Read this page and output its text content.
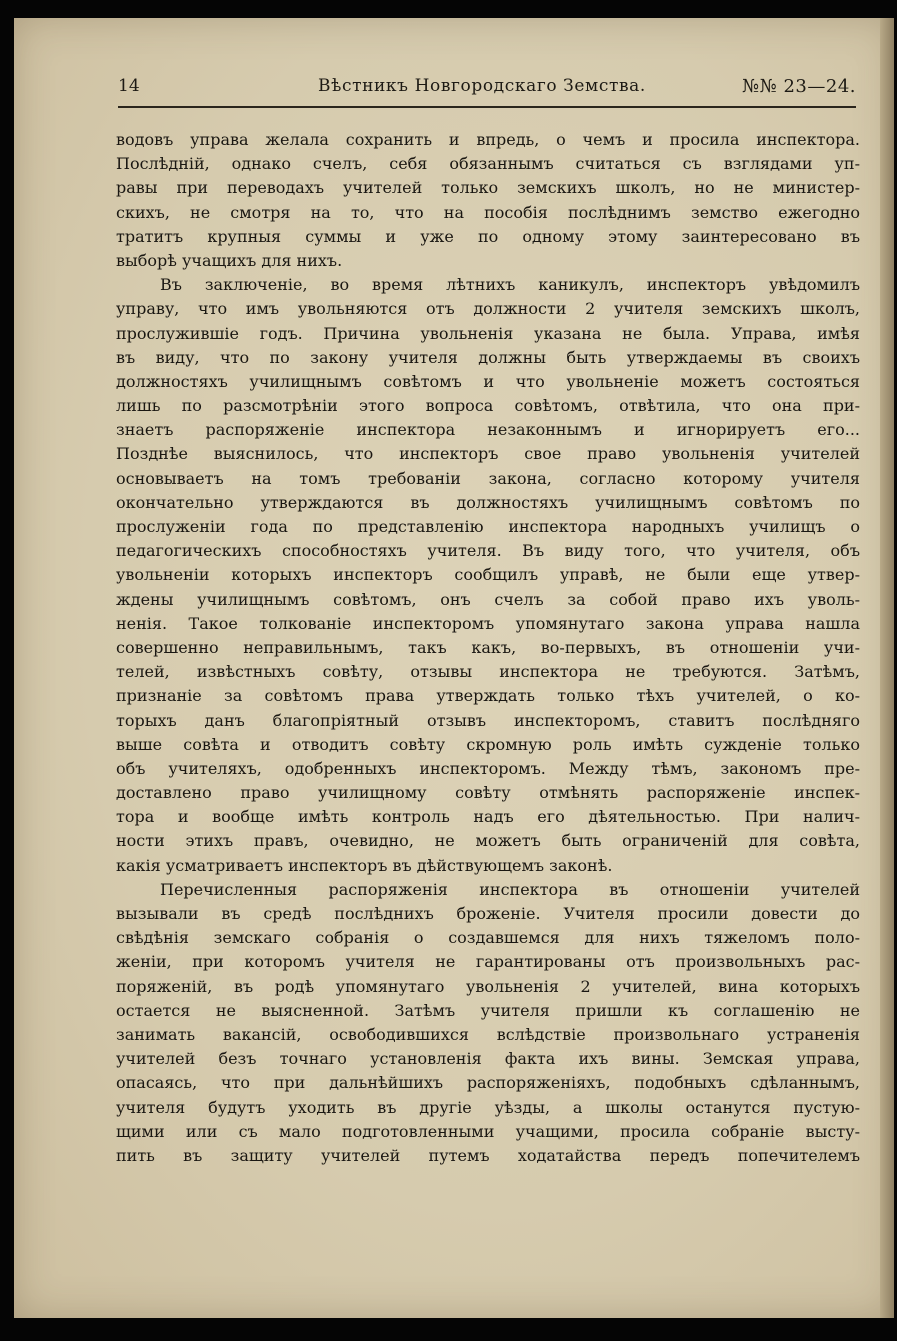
14	Вѣстникъ Новгородскаго Земства.	№№ 23—24.
водовъ управа желала сохранить и впредь, о чемъ и просила инспектора.
Послѣднiй, однако счелъ, себя обязаннымъ считаться съ взглядами уп-
равы при переводахъ учителей только земскихъ школъ, но не министер-
скихъ, не смотря на то, что на пособiя послѣднимъ земство ежегодно
тратитъ крупныя суммы и уже по одному этому заинтересовано въ
выборѣ учащихъ для нихъ.
Въ заключенiе, во время лѣтнихъ каникулъ, инспекторъ увѣдомилъ
управу, что имъ увольняются отъ должности 2 учителя земскихъ школъ,
прослужившiе годъ. Причина увольненiя указана не была. Управа, имѣя
въ виду, что по закону учителя должны быть утверждаемы въ своихъ
должностяхъ училищнымъ совѣтомъ и что увольненiе можетъ состояться
лишь по разсмотрѣнiи этого вопроса совѣтомъ, отвѣтила, что она при-
знаетъ распоряженiе инспектора незаконнымъ и игнорируетъ его...
Позднѣе выяснилось, что инспекторъ свое право увольненiя учителей
основываетъ на томъ требованiи закона, согласно которому учителя
окончательно утверждаются въ должностяхъ училищнымъ совѣтомъ по
прослуженiи года по представленiю инспектора народныхъ училищъ о
педагогическихъ способностяхъ учителя. Въ виду того, что учителя, объ
увольненiи которыхъ инспекторъ сообщилъ управѣ, не были еще утвер-
ждены училищнымъ совѣтомъ, онъ счелъ за собой право ихъ уволь-
ненiя. Такое толкованiе инспекторомъ упомянутаго закона управа нашла
совершенно неправильнымъ, такъ какъ, во-первыхъ, въ отношенiи учи-
телей, извѣстныхъ совѣту, отзывы инспектора не требуются. Затѣмъ,
признанiе за совѣтомъ права утверждать только тѣхъ учителей, о ко-
торыхъ данъ благопрiятный отзывъ инспекторомъ, ставитъ послѣдняго
выше совѣта и отводитъ совѣту скромную роль имѣть сужденiе только
объ учителяхъ, одобренныхъ инспекторомъ. Между тѣмъ, закономъ пре-
доставлено право училищному совѣту отмѣнять распоряженiе инспек-
тора и вообще имѣть контроль надъ его дѣятельностью. При налич-
ности этихъ правъ, очевидно, не можетъ быть ограниченiй для совѣта,
какiя усматриваетъ инспекторъ въ дѣйствующемъ законѣ.
Перечисленныя распоряженiя инспектора въ отношенiи учителей
вызывали въ средѣ послѣднихъ броженiе. Учителя просили довести до
свѣдѣнiя земскаго собранiя о создавшемся для нихъ тяжеломъ поло-
женiи, при которомъ учителя не гарантированы отъ произвольныхъ рас-
поряженiй, въ родѣ упомянутаго увольненiя 2 учителей, вина которыхъ
остается не выясненной. Затѣмъ учителя пришли къ соглашенiю не
занимать вакансiй, освободившихся вслѣдствiе произвольнаго устраненiя
учителей безъ точнаго установленiя факта ихъ вины. Земская управа,
опасаясь, что при дальнѣйшихъ распоряженiяхъ, подобныхъ сдѣланнымъ,
учителя будутъ уходить въ другiе уѣзды, а школы останутся пустую-
щими или съ мало подготовленными учащими, просила собранiе высту-
пить въ защиту учителей путемъ ходатайства передъ попечителемъ
